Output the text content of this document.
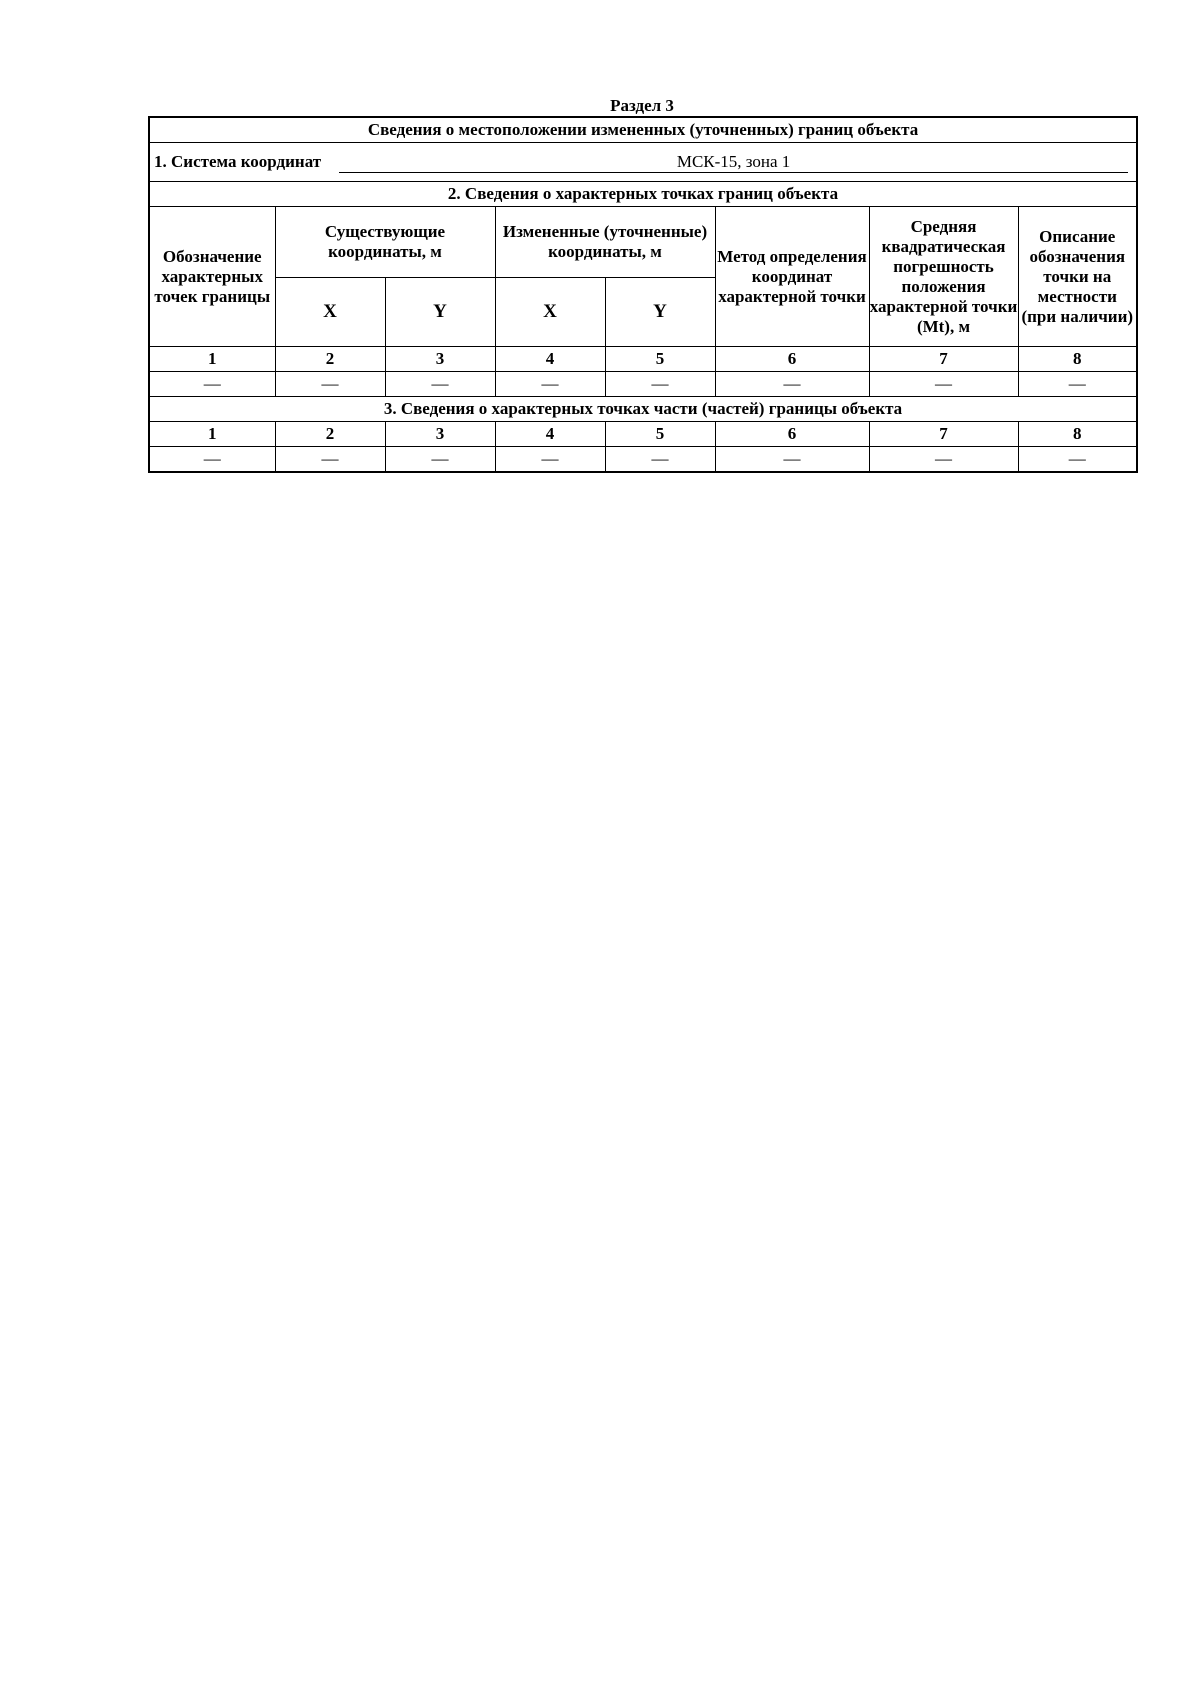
Раздел 3
Сведения о местоположении измененных (уточненных) границ объекта							

1. Система координат МСК-15, зона 1							

2. Сведения о характерных точках границ объекта							
Обозначение характерных точек границы	Существующие координаты, м		Измененные (уточненные) координаты, м		Метод определения координат характерной точки	Средняя квадратическая погрешность положения характерной точки (Mt), м	Описание обозначения точки на местности (при наличии)
	X	Y	X	Y			
1	2	3	4	5	6	7	8
—	—	—	—	—	—	—	—
3. Сведения о характерных точках части (частей) границы объекта							
1	2	3	4	5	6	7	8
—	—	—	—	—	—	—	—
